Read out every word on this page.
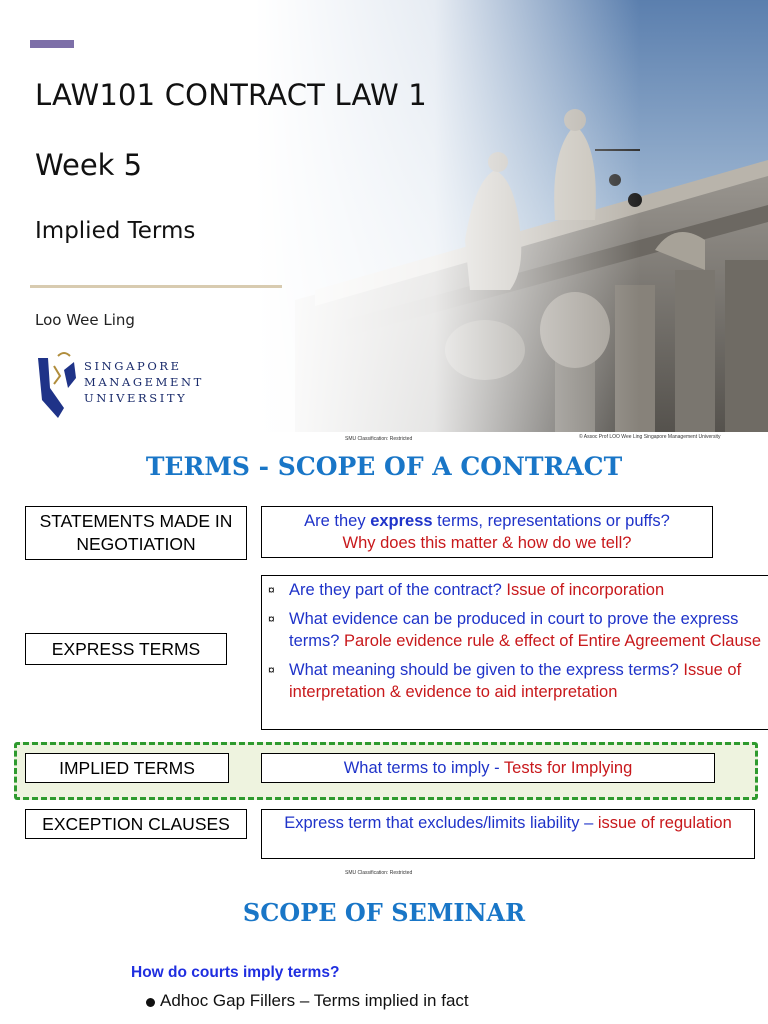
LAW101 CONTRACT LAW 1
Week 5
Implied Terms
Loo Wee Ling
SINGAPORE
MANAGEMENT
UNIVERSITY
SMU Classification: Restricted	© Assoc Prof LOO Wee Ling Singapore Management University
TERMS - SCOPE OF A CONTRACT
STATEMENTS MADE IN NEGOTIATION
Are they express terms, representations or puffs?
Why does this matter & how do we tell?
EXPRESS TERMS
¤ Are they part of the contract? Issue of incorporation
¤ What evidence can be produced in court to prove the express terms? Parole evidence rule & effect of Entire Agreement Clause
¤ What meaning should be given to the express terms? Issue of interpretation & evidence to aid interpretation
IMPLIED TERMS	What terms to imply - Tests for Implying
EXCEPTION CLAUSES	Express term that excludes/limits liability – issue of regulation
SMU Classification: Restricted
SCOPE OF SEMINAR
How do courts imply terms?
Adhoc Gap Fillers – Terms implied in fact
